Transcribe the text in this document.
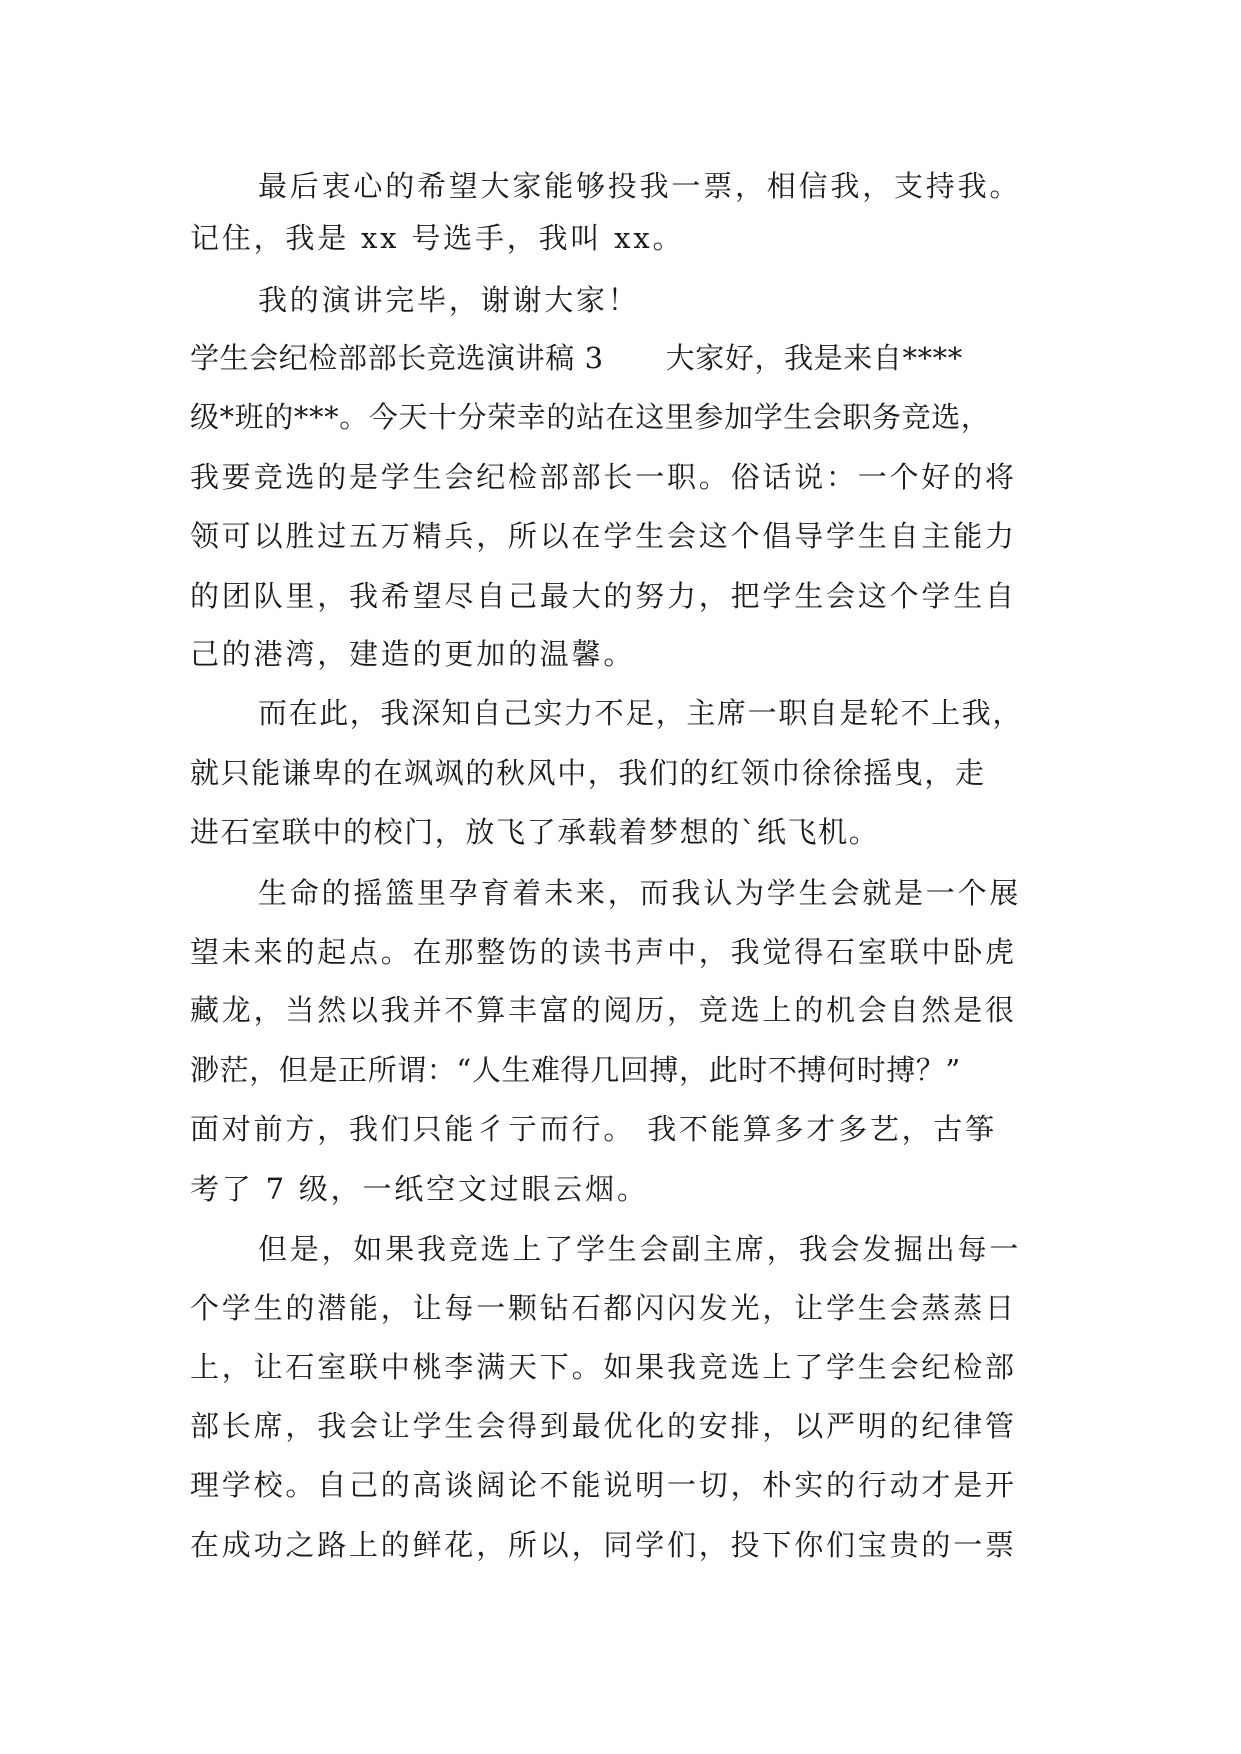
最后衷心的希望大家能够投我一票，相信我，支持我。
记住，我是 xx 号选手，我叫 xx。
我的演讲完毕，谢谢大家！
学生会纪检部部长竞选演讲稿 3 大家好，我是来自****
级*班的***。今天十分荣幸的站在这里参加学生会职务竞选，
我要竞选的是学生会纪检部部长一职。俗话说：一个好的将
领可以胜过五万精兵，所以在学生会这个倡导学生自主能力
的团队里，我希望尽自己最大的努力，把学生会这个学生自
己的港湾，建造的更加的温馨。
而在此，我深知自己实力不足，主席一职自是轮不上我，
就只能谦卑的在飒飒的秋风中，我们的红领巾徐徐摇曳，走
进石室联中的校门，放飞了承载着梦想的`纸飞机。
生命的摇篮里孕育着未来，而我认为学生会就是一个展
望未来的起点。在那整饬的读书声中，我觉得石室联中卧虎
藏龙，当然以我并不算丰富的阅历，竞选上的机会自然是很
渺茫，但是正所谓：“人生难得几回搏，此时不搏何时搏？”
面对前方，我们只能彳亍而行。 我不能算多才多艺，古筝
考了 7 级，一纸空文过眼云烟。
但是，如果我竞选上了学生会副主席，我会发掘出每一
个学生的潜能，让每一颗钻石都闪闪发光，让学生会蒸蒸日
上，让石室联中桃李满天下。如果我竞选上了学生会纪检部
部长席，我会让学生会得到最优化的安排，以严明的纪律管
理学校。自己的高谈阔论不能说明一切，朴实的行动才是开
在成功之路上的鲜花，所以，同学们，投下你们宝贵的一票
